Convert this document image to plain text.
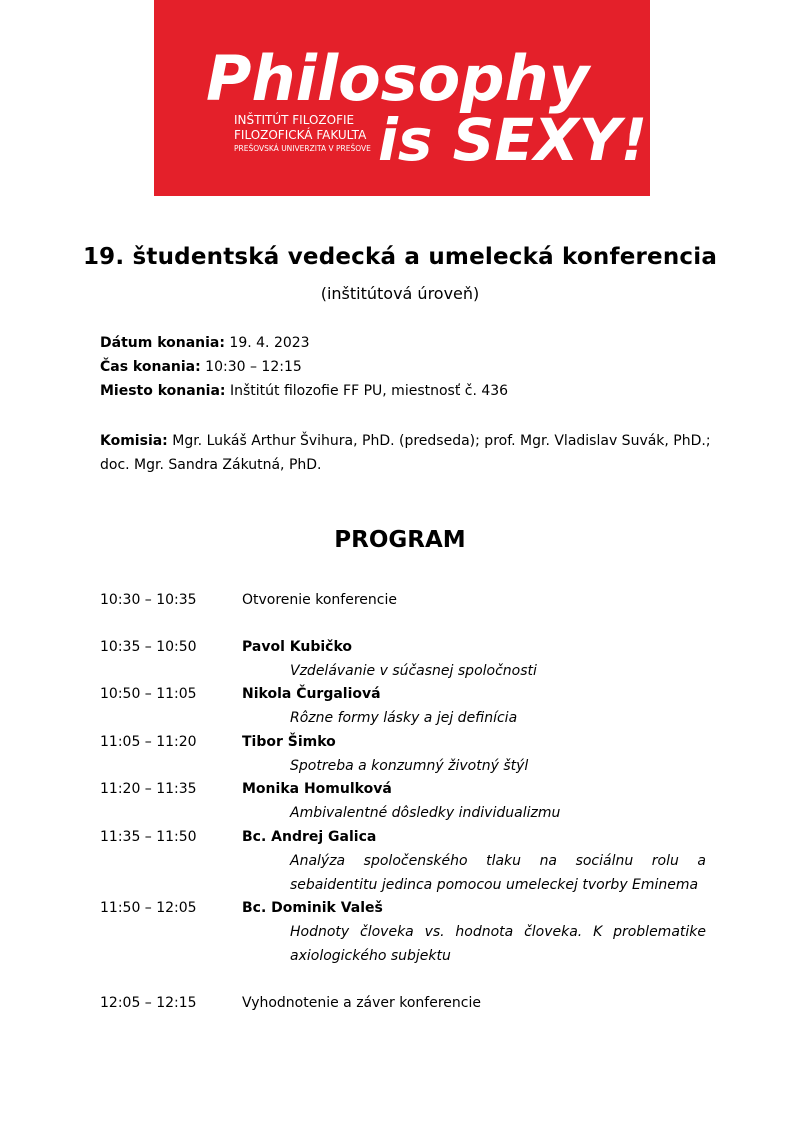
Philosophy
is SEXY!
INŠTITÚT FILOZOFIE
FILOZOFICKÁ FAKULTA
PREŠOVSKÁ UNIVERZITA V PREŠOVE
19. študentská vedecká a umelecká konferencia
(inštitútová úroveň)
Dátum konania: 19. 4. 2023
Čas konania: 10:30 – 12:15
Miesto konania: Inštitút filozofie FF PU, miestnosť č. 436
Komisia: Mgr. Lukáš Arthur Švihura, PhD. (predseda); prof. Mgr. Vladislav Suvák, PhD.; doc. Mgr. Sandra Zákutná, PhD.
PROGRAM
10:30 – 10:35	Otvorenie konferencie
10:35 – 10:50	Pavol Kubičko
Vzdelávanie v súčasnej spoločnosti
10:50 – 11:05	Nikola Čurgaliová
Rôzne formy lásky a jej definícia
11:05 – 11:20	Tibor Šimko
Spotreba a konzumný životný štýl
11:20 – 11:35	Monika Homulková
Ambivalentné dôsledky individualizmu
11:35 – 11:50	Bc. Andrej Galica
Analýza spoločenského tlaku na sociálnu rolu a sebaidentitu jedinca pomocou umeleckej tvorby Eminema
11:50 – 12:05	Bc. Dominik Valeš
Hodnoty človeka vs. hodnota človeka. K problematike axiologického subjektu
12:05 – 12:15	Vyhodnotenie a záver konferencie
